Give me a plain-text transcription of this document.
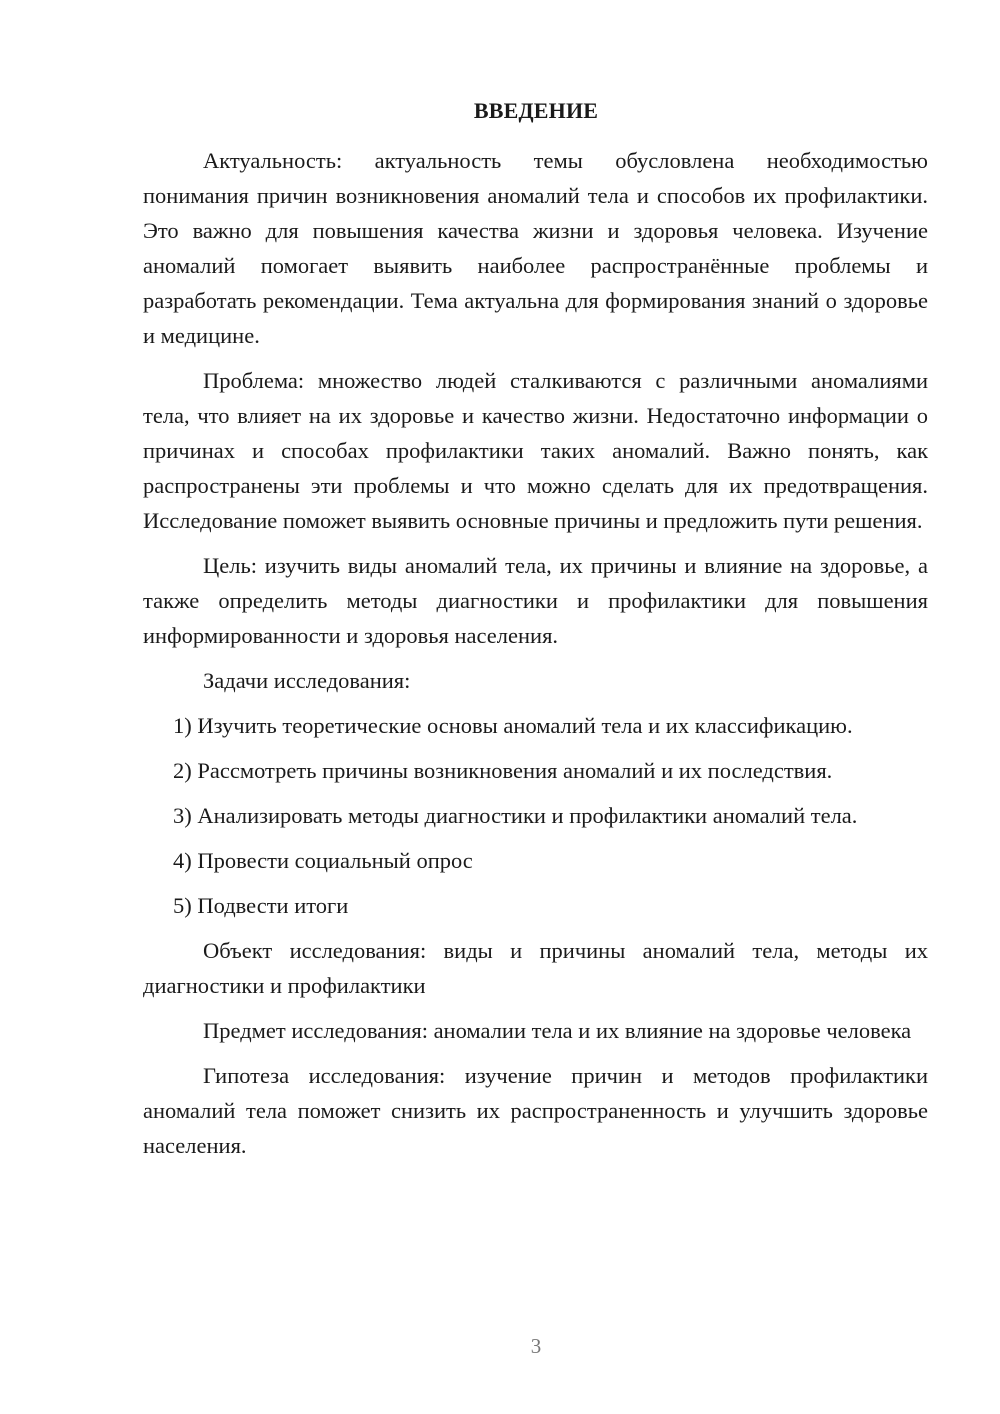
ВВЕДЕНИЕ

Актуальность: актуальность темы обусловлена необходимостью понимания причин возникновения аномалий тела и способов их профилактики. Это важно для повышения качества жизни и здоровья человека. Изучение аномалий помогает выявить наиболее распространённые проблемы и разработать рекомендации. Тема актуальна для формирования знаний о здоровье и медицине.

Проблема: множество людей сталкиваются с различными аномалиями тела, что влияет на их здоровье и качество жизни. Недостаточно информации о причинах и способах профилактики таких аномалий. Важно понять, как распространены эти проблемы и что можно сделать для их предотвращения. Исследование поможет выявить основные причины и предложить пути решения.

Цель: изучить виды аномалий тела, их причины и влияние на здоровье, а также определить методы диагностики и профилактики для повышения информированности и здоровья населения.

Задачи исследования:

1) Изучить теоретические основы аномалий тела и их классификацию.

2) Рассмотреть причины возникновения аномалий и их последствия.

3) Анализировать методы диагностики и профилактики аномалий тела.

4) Провести социальный опрос

5) Подвести итоги

Объект исследования: виды и причины аномалий тела, методы их диагностики и профилактики

Предмет исследования: аномалии тела и их влияние на здоровье человека

Гипотеза исследования: изучение причин и методов профилактики аномалий тела поможет снизить их распространенность и улучшить здоровье населения.

3
